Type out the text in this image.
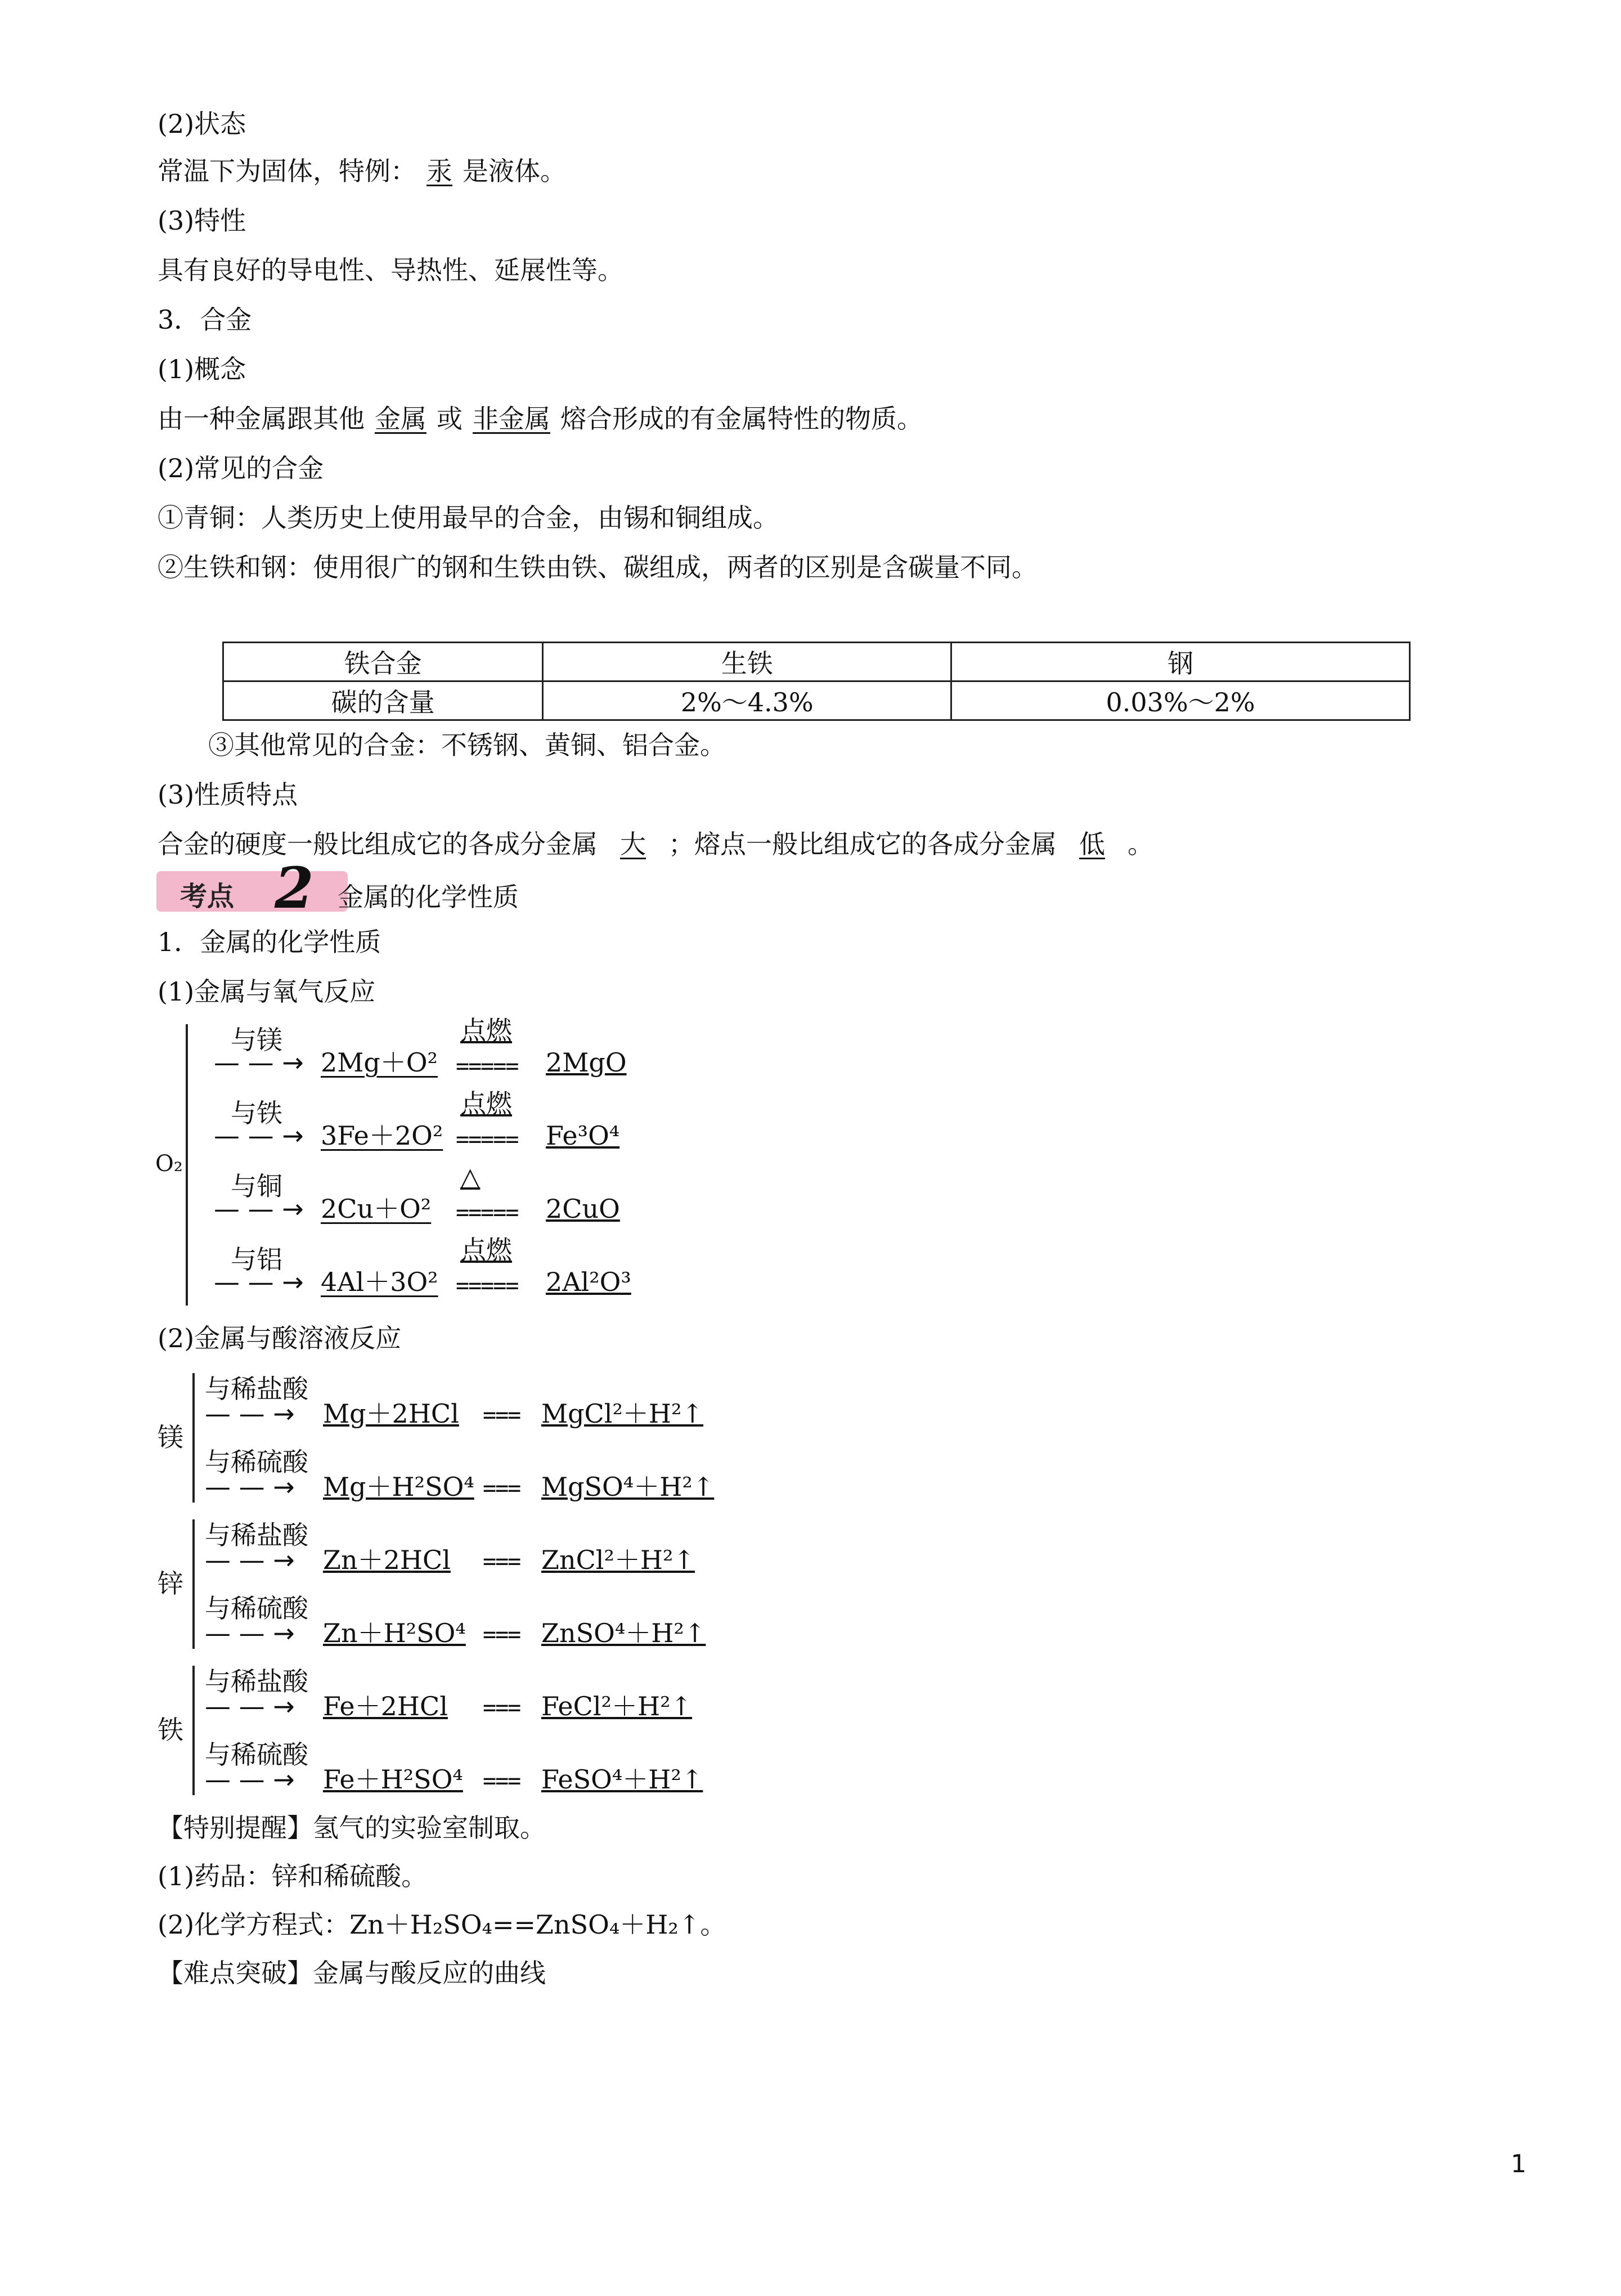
(2)状态
常温下为固体，特例： 汞 是液体。
(3)特性
具有良好的导电性、导热性、延展性等。
3．合金
(1)概念
由一种金属跟其他 金属 或 非金属 熔合形成的有金属特性的物质。
(2)常见的合金
①青铜：人类历史上使用最早的合金，由锡和铜组成。
②生铁和钢：使用很广的钢和生铁由铁、碳组成，两者的区别是含碳量不同。
铁合金	生铁	钢
碳的含量	2%～4.3%	0.03%～2%
③其他常见的合金：不锈钢、黄铜、铝合金。
(3)性质特点
合金的硬度一般比组成它的各成分金属 大 ；熔点一般比组成它的各成分金属 低 。
考点 2 金属的化学性质
1．金属的化学性质
(1)金属与氧气反应
O₂
与镁
— — → 2Mg＋O²
点燃
===== 2MgO
与铁
— — → 3Fe＋2O²
点燃
===== Fe³O⁴
与铜
— — → 2Cu＋O²
△
===== 2CuO
与铝
— — → 4Al＋3O²
点燃
===== 2Al²O³
(2)金属与酸溶液反应
镁
与稀盐酸
— — → Mg＋2HCl === MgCl²＋H²↑
与稀硫酸
— — → Mg＋H²SO⁴ === MgSO⁴＋H²↑
锌
与稀盐酸
— — → Zn＋2HCl === ZnCl²＋H²↑
与稀硫酸
— — → Zn＋H²SO⁴ === ZnSO⁴＋H²↑
铁
与稀盐酸
— — → Fe＋2HCl === FeCl²＋H²↑
与稀硫酸
— — → Fe＋H²SO⁴ === FeSO⁴＋H²↑
【特别提醒】氢气的实验室制取。
(1)药品：锌和稀硫酸。
(2)化学方程式：Zn＋H₂SO₄==ZnSO₄＋H₂↑。
【难点突破】金属与酸反应的曲线
1
